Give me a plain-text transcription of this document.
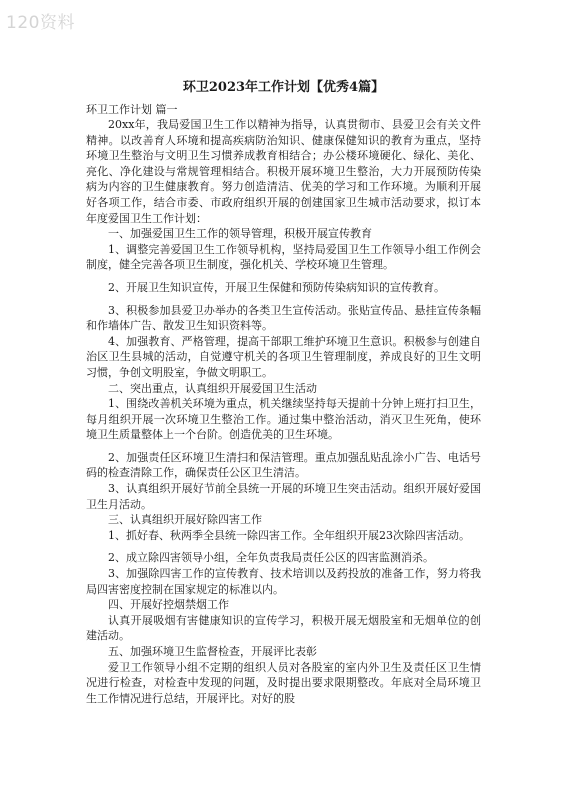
120资料
环卫2023年工作计划【优秀4篇】

环卫工作计划 篇一

20xx年，我局爱国卫生工作以精神为指导，认真贯彻市、县爱卫会有关文件精神。以改善育人环境和提高疾病防治知识、健康保健知识的教育为重点，坚持环境卫生整治与文明卫生习惯养成教育相结合；办公楼环境硬化、绿化、美化、亮化、净化建设与常规管理相结合。积极开展环境卫生整治，大力开展预防传染病为内容的卫生健康教育。努力创造清洁、优美的学习和工作环境。为顺利开展好各项工作，结合市委、市政府组织开展的创建国家卫生城市活动要求，拟订本年度爱国卫生工作计划：

一、加强爱国卫生工作的领导管理，积极开展宣传教育

1、调整完善爱国卫生工作领导机构，坚持局爱国卫生工作领导小组工作例会制度，健全完善各项卫生制度，强化机关、学校环境卫生管理。

2、开展卫生知识宣传，开展卫生保健和预防传染病知识的宣传教育。

3、积极参加县爱卫办举办的各类卫生宣传活动。张贴宣传品、悬挂宣传条幅和作墙体广告、散发卫生知识资料等。

4、加强教育、严格管理，提高干部职工维护环境卫生意识。积极参与创建自治区卫生县城的活动，自觉遵守机关的各项卫生管理制度，养成良好的卫生文明习惯，争创文明股室，争做文明职工。

二、突出重点，认真组织开展爱国卫生活动

1、围绕改善机关环境为重点，机关继续坚持每天提前十分钟上班打扫卫生，每月组织开展一次环境卫生整治工作。通过集中整治活动，消灭卫生死角，使环境卫生质量整体上一个台阶。创造优美的卫生环境。

2、加强责任区环境卫生清扫和保洁管理。重点加强乱贴乱涂小广告、电话号码的检查清除工作，确保责任公区卫生清洁。

3、认真组织开展好节前全县统一开展的环境卫生突击活动。组织开展好爱国卫生月活动。

三、认真组织开展好除四害工作

1、抓好春、秋两季全县统一除四害工作。全年组织开展23次除四害活动。

2、成立除四害领导小组，全年负责我局责任公区的四害监测消杀。

3、加强除四害工作的宣传教育、技术培训以及药投放的准备工作，努力将我局四害密度控制在国家规定的标准以内。

四、开展好控烟禁烟工作

认真开展吸烟有害健康知识的宣传学习，积极开展无烟股室和无烟单位的创建活动。

五、加强环境卫生监督检查，开展评比表彰

爱卫工作领导小组不定期的组织人员对各股室的室内外卫生及责任区卫生情况进行检查，对检查中发现的问题，及时提出要求限期整改。年底对全局环境卫生工作情况进行总结，开展评比。对好的股
